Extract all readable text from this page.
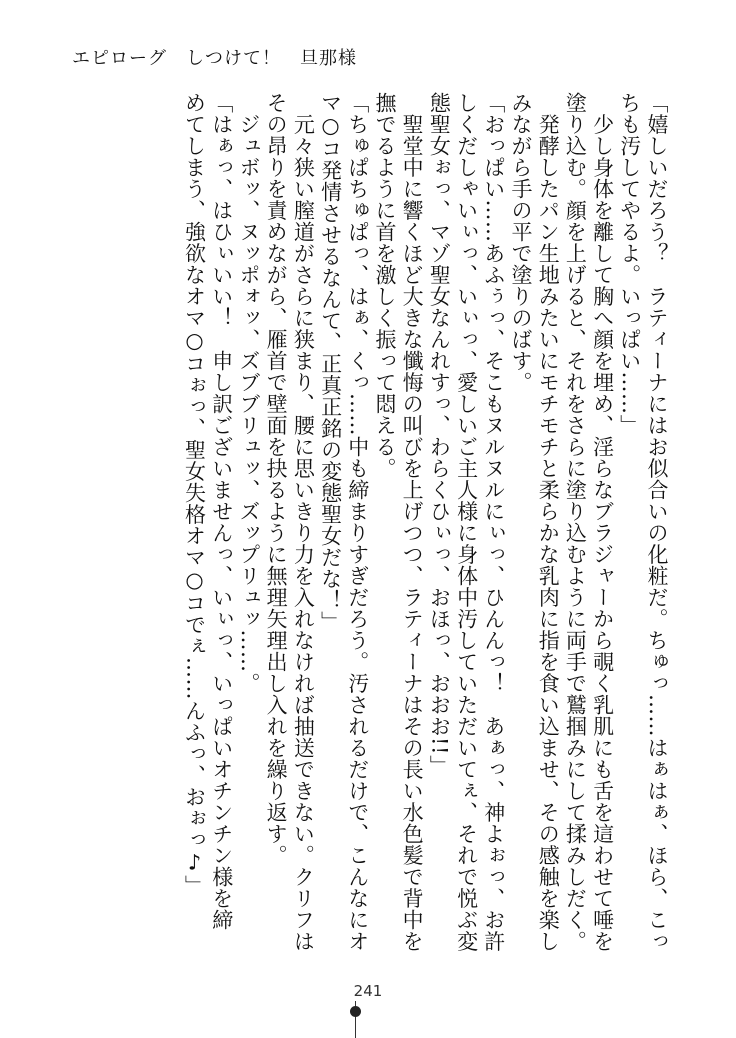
エピローグ　しつけて！　旦那様

「嬉しいだろう？　ラティーナにはお似合いの化粧だ。ちゅっ……はぁはぁ、ほら、こっ

ちも汚してやるよ。いっぱい……」

　少し身体を離して胸へ顔を埋め、淫らなブラジャーから覗く乳肌にも舌を這わせて唾を

塗り込む。顔を上げると、それをさらに塗り込むように両手で鷲掴みにして揉みしだく。

　発酵したパン生地みたいにモチモチと柔らかな乳肉に指を食い込ませ、その感触を楽し

みながら手の平で塗りのばす。

「おっぱい……あふぅっ、そこもヌルヌルにぃっ、ひんんっ！　あぁっ、神よぉっ、お許

しくだしゃいぃっ、いぃっ、愛しいご主人様に身体中汚していただいてぇ、それで悦ぶ変

態聖女ぉっ、マゾ聖女なんれすっ、わらくひぃっ、おほっ、おおお!!」

　聖堂中に響くほど大きな懺悔の叫びを上げつつ、ラティーナはその長い水色髪で背中を

撫でるように首を激しく振って悶える。

「ちゅぱちゅぱっ、はぁ、くっ……中も締まりすぎだろう。汚されるだけで、こんなにオ

マ○コ発情させるなんて、正真正銘の変態聖女だな！」

　元々狭い膣道がさらに狭まり、腰に思いきり力を入れなければ抽送できない。クリフは

その昂りを責めながら、雁首で壁面を抉るように無理矢理出し入れを繰り返す。

　ジュボッ、ヌッポォッ、ズブブリュッ、ズップリュッ……。

「はぁっ、はひぃいい！　申し訳ございませんっ、いぃっ、いっぱいオチンチン様を締

めてしまう、強欲なオマ○コぉっ、聖女失格オマ○コでぇ……んふっ、おぉっ♪」

241
